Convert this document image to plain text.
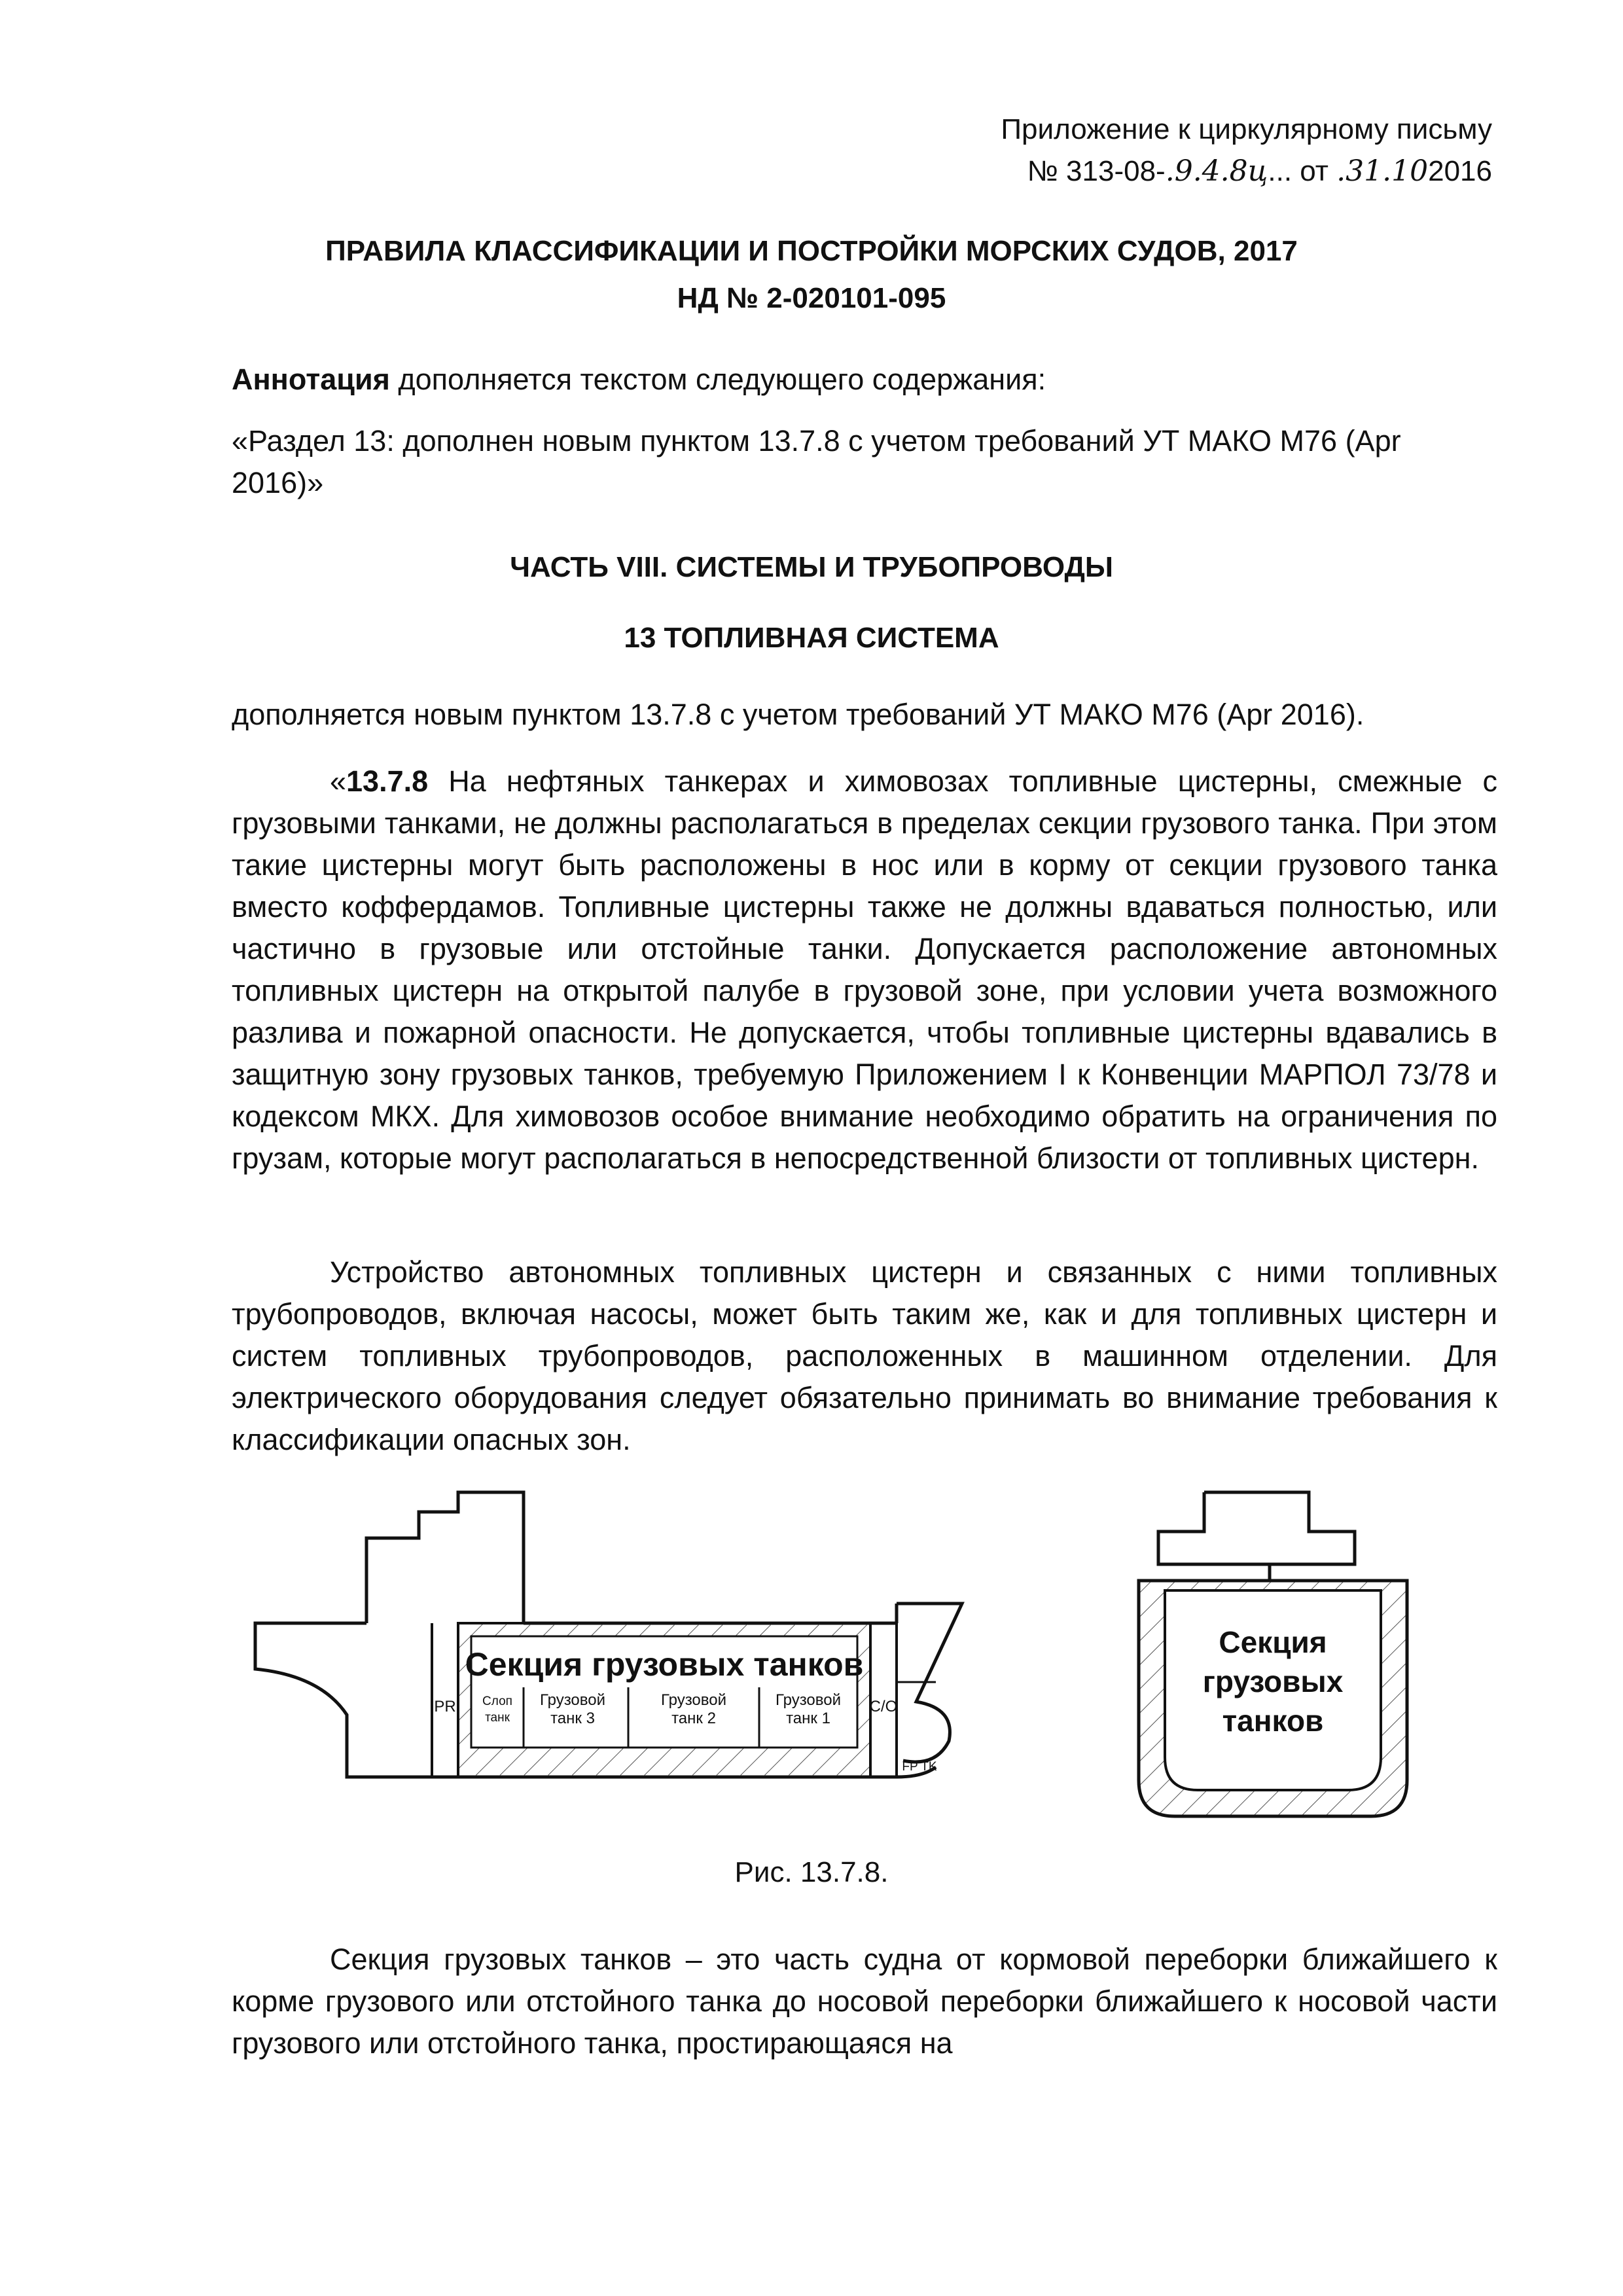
Приложение к циркулярному письму
№ 313-08-.9.4.8ц... от .31.102016
ПРАВИЛА КЛАССИФИКАЦИИ И ПОСТРОЙКИ МОРСКИХ СУДОВ, 2017
НД № 2-020101-095
Аннотация дополняется текстом следующего содержания:
«Раздел 13: дополнен новым пунктом 13.7.8 с учетом требований УТ МАКО М76 (Apr 2016)»
ЧАСТЬ VIII. СИСТЕМЫ И ТРУБОПРОВОДЫ
13 ТОПЛИВНАЯ СИСТЕМА
дополняется новым пунктом 13.7.8 с учетом требований УТ МАКО М76 (Apr 2016).
«13.7.8 На нефтяных танкерах и химовозах топливные цистерны, смежные с грузовыми танками, не должны располагаться в пределах секции грузового танка. При этом такие цистерны могут быть расположены в нос или в корму от секции грузового танка вместо коффердамов. Топливные цистерны также не должны вдаваться полностью, или частично в грузовые или отстойные танки. Допускается расположение автономных топливных цистерн на открытой палубе в грузовой зоне, при условии учета возможного разлива и пожарной опасности. Не допускается, чтобы топливные цистерны вдавались в защитную зону грузовых танков, требуемую Приложением I к Конвенции МАРПОЛ 73/78 и кодексом МКХ. Для химовозов особое внимание необходимо обратить на ограничения по грузам, которые могут располагаться в непосредственной близости от топливных цистерн.
Устройство автономных топливных цистерн и связанных с ними топливных трубопроводов, включая насосы, может быть таким же, как и для топливных цистерн и систем топливных трубопроводов, расположенных в машинном отделении. Для электрического оборудования следует обязательно принимать во внимание требования к классификации опасных зон.
Секция грузовых танков
PR Слоп
танк
Грузовой
танк 3
Грузовой
танк 2
Грузовой
танк 1
C/O
FP TK
Секция
грузовых
танков
Рис. 13.7.8.
Секция грузовых танков – это часть судна от кормовой переборки ближайшего к корме грузового или отстойного танка до носовой переборки ближайшего к носовой части грузового или отстойного танка, простирающаяся на
